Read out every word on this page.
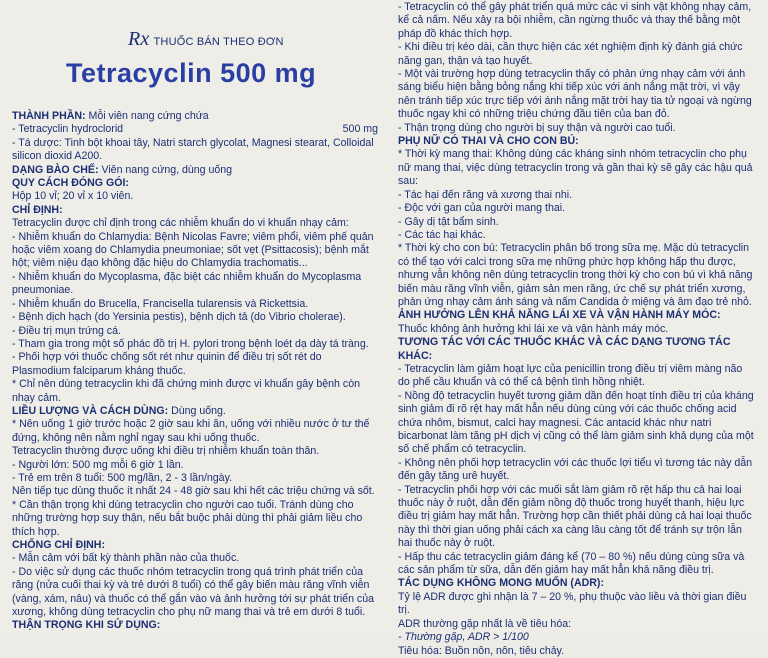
Rx THUỐC BÁN THEO ĐƠN
Tetracyclin 500 mg
THÀNH PHẦN: Mỗi viên nang cứng chứa
- Tetracyclin hydroclorid	500 mg
- Tá dược: Tinh bột khoai tây, Natri starch glycolat, Magnesi stearat, Colloidal silicon dioxid A200.
DẠNG BÀO CHẾ: Viên nang cứng, dùng uống
QUY CÁCH ĐÓNG GÓI:
Hộp 10 vỉ; 20 vỉ x 10 viên.
CHỈ ĐỊNH:
Tetracyclin được chỉ định trong các nhiễm khuẩn do vi khuẩn nhạy cảm:
- Nhiễm khuẩn do Chlamydia: Bệnh Nicolas Favre; viêm phổi, viêm phế quản hoặc viêm xoang do Chlamydia pneumoniae; sốt vẹt (Psittacosis); bệnh mắt hột; viêm niệu đạo không đặc hiệu do Chlamydia trachomatis...
- Nhiễm khuẩn do Mycoplasma, đặc biệt các nhiễm khuẩn do Mycoplasma pneumoniae.
- Nhiễm khuẩn do Brucella, Francisella tularensis và Rickettsia.
- Bệnh dịch hạch (do Yersinia pestis), bệnh dịch tả (do Vibrio cholerae).
- Điều trị mụn trứng cá.
- Tham gia trong một số phác đồ trị H. pylori trong bệnh loét dạ dày tá tràng.
- Phối hợp với thuốc chống sốt rét như quinin để điều trị sốt rét do Plasmodium falciparum kháng thuốc.
* Chỉ nên dùng tetracyclin khi đã chứng minh được vi khuẩn gây bệnh còn nhạy cảm.
LIỀU LƯỢNG VÀ CÁCH DÙNG: Dùng uống.
* Nên uống 1 giờ trước hoặc 2 giờ sau khi ăn, uống với nhiều nước ở tư thế đứng, không nên nằm nghỉ ngay sau khi uống thuốc.
Tetracyclin thường được uống khi điều trị nhiễm khuẩn toàn thân.
- Người lớn: 500 mg mỗi 6 giờ 1 lần.
- Trẻ em trên 8 tuổi: 500 mg/lần, 2 - 3 lần/ngày.
Nên tiếp tục dùng thuốc ít nhất 24 - 48 giờ sau khi hết các triệu chứng và sốt.
* Cần thận trọng khi dùng tetracyclin cho người cao tuổi. Tránh dùng cho những trường hợp suy thận, nếu bắt buộc phải dùng thì phải giảm liều cho thích hợp.
CHỐNG CHỈ ĐỊNH:
- Mẫn cảm với bất kỳ thành phần nào của thuốc.
- Do việc sử dụng các thuốc nhóm tetracyclin trong quá trình phát triển của răng (nửa cuối thai kỳ và trẻ dưới 8 tuổi) có thể gây biến màu răng vĩnh viễn (vàng, xám, nâu) và thuốc có thể gắn vào và ảnh hưởng tới sự phát triển của xương, không dùng tetracyclin cho phụ nữ mang thai và trẻ em dưới 8 tuổi.
THẬN TRỌNG KHI SỬ DỤNG:
- Tetracyclin có thể gây phát triển quá mức các vi sinh vật không nhạy cảm, kể cả nấm. Nếu xảy ra bội nhiễm, cần ngừng thuốc và thay thế bằng một pháp đồ khác thích hợp.
- Khi điều trị kéo dài, cần thực hiện các xét nghiệm định kỳ đánh giá chức năng gan, thận và tạo huyết.
- Một vài trường hợp dùng tetracyclin thấy có phản ứng nhạy cảm với ánh sáng biểu hiện bằng bỏng nắng khi tiếp xúc với ánh nắng mặt trời, vì vậy nên tránh tiếp xúc trực tiếp với ánh nắng mặt trời hay tia tử ngoại và ngừng thuốc ngay khi có những triệu chứng đầu tiên của ban đỏ.
- Thận trọng dùng cho người bị suy thận và người cao tuổi.
PHỤ NỮ CÓ THAI VÀ CHO CON BÚ:
* Thời kỳ mang thai: Không dùng các kháng sinh nhóm tetracyclin cho phụ nữ mang thai, việc dùng tetracyclin trong và gần thai kỳ sẽ gây các hậu quả sau:
- Tác hại đến răng và xương thai nhi.
- Độc với gan của người mang thai.
- Gây dị tật bẩm sinh.
- Các tác hại khác.
* Thời kỳ cho con bú: Tetracyclin phân bố trong sữa mẹ. Mặc dù tetracyclin có thể tạo với calci trong sữa mẹ những phức hợp không hấp thu được, nhưng vẫn không nên dùng tetracyclin trong thời kỳ cho con bú vì khả năng biến màu răng vĩnh viễn, giảm sản men răng, ức chế sự phát triển xương, phản ứng nhạy cảm ánh sáng và nấm Candida ở miệng và âm đạo trẻ nhỏ.
ẢNH HƯỞNG LÊN KHẢ NĂNG LÁI XE VÀ VẬN HÀNH MÁY MÓC:
Thuốc không ảnh hưởng khi lái xe và vận hành máy móc.
TƯƠNG TÁC VỚI CÁC THUỐC KHÁC VÀ CÁC DẠNG TƯƠNG TÁC KHÁC:
- Tetracyclin làm giảm hoạt lực của penicillin trong điều trị viêm màng não do phế cầu khuẩn và có thể cả bệnh tình hồng nhiệt.
- Nồng độ tetracyclin huyết tương giảm dần đến hoạt tính điều trị của kháng sinh giảm đi rõ rệt hay mất hẳn nếu dùng cùng với các thuốc chống acid chứa nhôm, bismut, calci hay magnesi. Các antacid khác như natri bicarbonat làm tăng pH dịch vị cũng có thể làm giảm sinh khả dụng của một số chế phẩm có tetracyclin.
- Không nên phối hợp tetracyclin với các thuốc lợi tiểu vì tương tác này dẫn đến gây tăng urê huyết.
- Tetracyclin phối hợp với các muối sắt làm giảm rõ rệt hấp thu cả hai loại thuốc này ở ruột, dẫn đến giảm nồng độ thuốc trong huyết thanh, hiệu lực điều trị giảm hay mất hẳn. Trường hợp cần thiết phải dùng cả hai loại thuốc này thì thời gian uống phải cách xa càng lâu càng tốt để tránh sự trộn lẫn hai thuốc này ở ruột.
- Hấp thu các tetracyclin giảm đáng kể (70 – 80 %) nếu dùng cùng sữa và các sản phẩm từ sữa, dẫn đến giảm hay mất hẳn khả năng điều trị.
TÁC DỤNG KHÔNG MONG MUỐN (ADR):
Tỷ lệ ADR được ghi nhận là 7 – 20 %, phụ thuộc vào liều và thời gian điều trị.
ADR thường gặp nhất là về tiêu hóa:
- Thường gặp, ADR > 1/100
Tiêu hóa: Buồn nôn, nôn, tiêu chảy.
